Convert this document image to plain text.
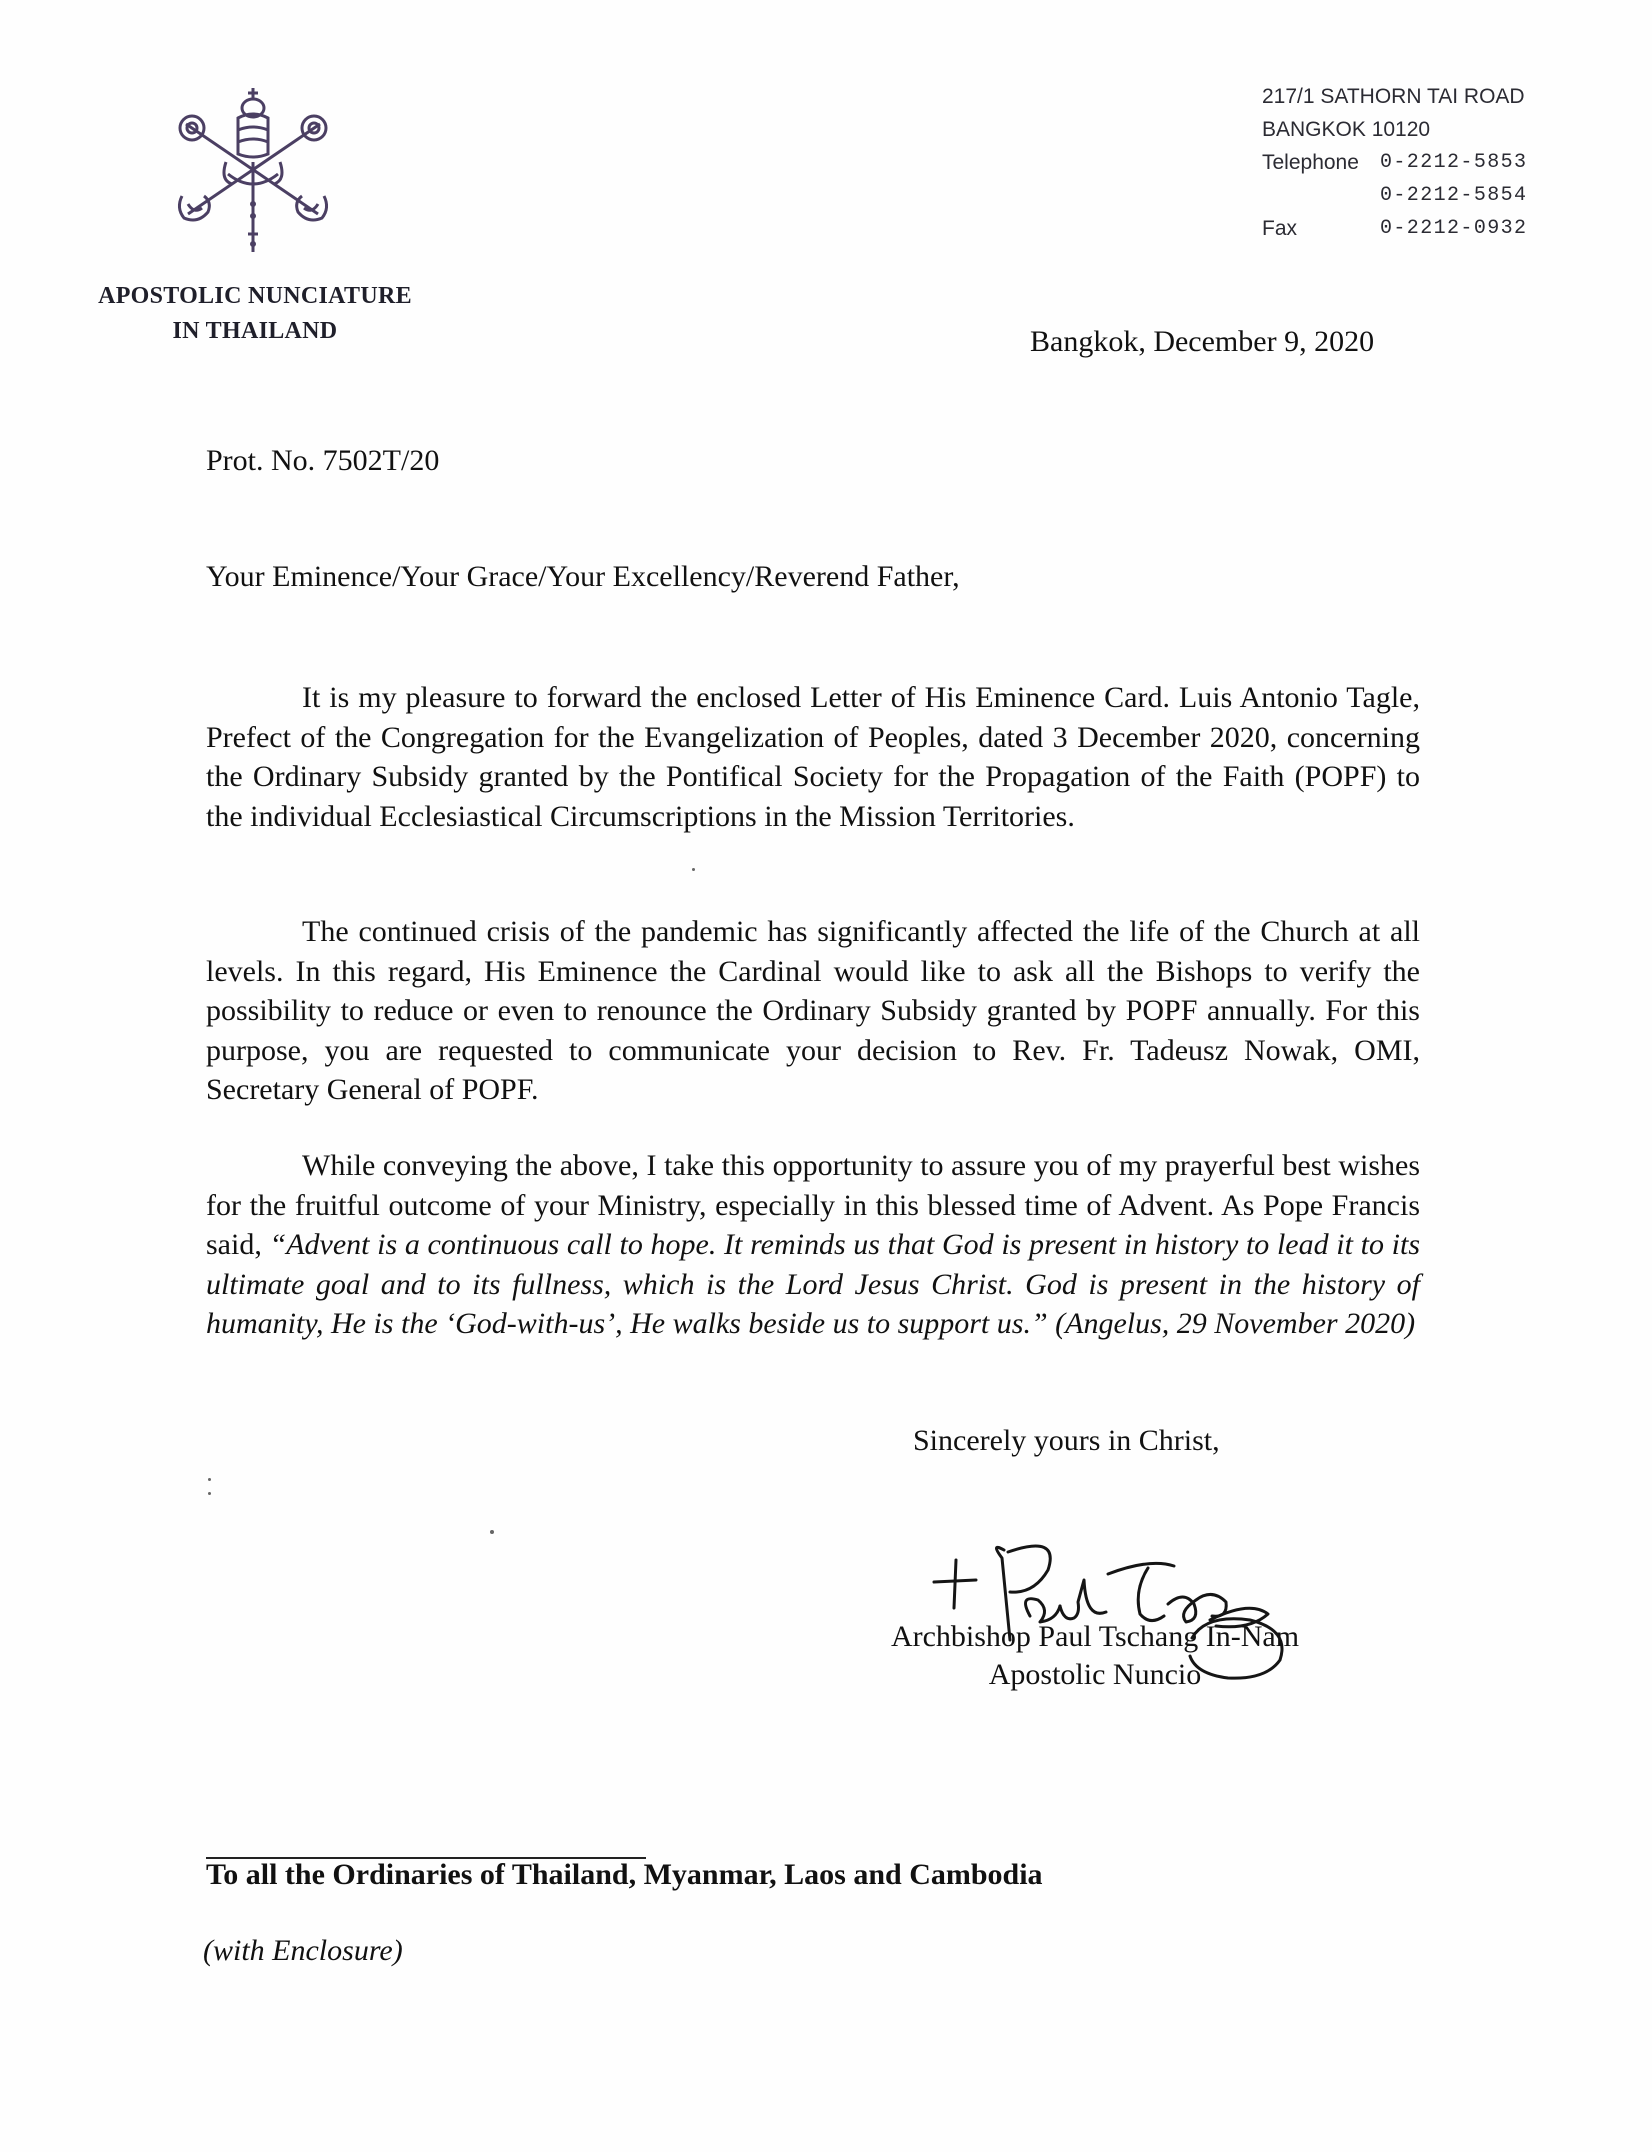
APOSTOLIC NUNCIATURE
IN THAILAND
217/1 SATHORN TAI ROAD
BANGKOK 10120
Telephone	0-2212-5853
0-2212-5854
Fax	0-2212-0932
Bangkok, December 9, 2020
Prot. No. 7502T/20
Your Eminence/Your Grace/Your Excellency/Reverend Father,
It is my pleasure to forward the enclosed Letter of His Eminence Card. Luis Antonio Tagle, Prefect of the Congregation for the Evangelization of Peoples, dated 3 December 2020, concerning the Ordinary Subsidy granted by the Pontifical Society for the Propagation of the Faith (POPF) to the individual Ecclesiastical Circumscriptions in the Mission Territories.
The continued crisis of the pandemic has significantly affected the life of the Church at all levels. In this regard, His Eminence the Cardinal would like to ask all the Bishops to verify the possibility to reduce or even to renounce the Ordinary Subsidy granted by POPF annually. For this purpose, you are requested to communicate your decision to Rev. Fr. Tadeusz Nowak, OMI, Secretary General of POPF.
While conveying the above, I take this opportunity to assure you of my prayerful best wishes for the fruitful outcome of your Ministry, especially in this blessed time of Advent. As Pope Francis said, “Advent is a continuous call to hope. It reminds us that God is present in history to lead it to its ultimate goal and to its fullness, which is the Lord Jesus Christ. God is present in the history of humanity, He is the ‘God-with-us’, He walks beside us to support us.” (Angelus, 29 November 2020)
Sincerely yours in Christ,
Archbishop Paul Tschang In-Nam
Apostolic Nuncio
To all the Ordinaries of Thailand, Myanmar, Laos and Cambodia
(with Enclosure)
